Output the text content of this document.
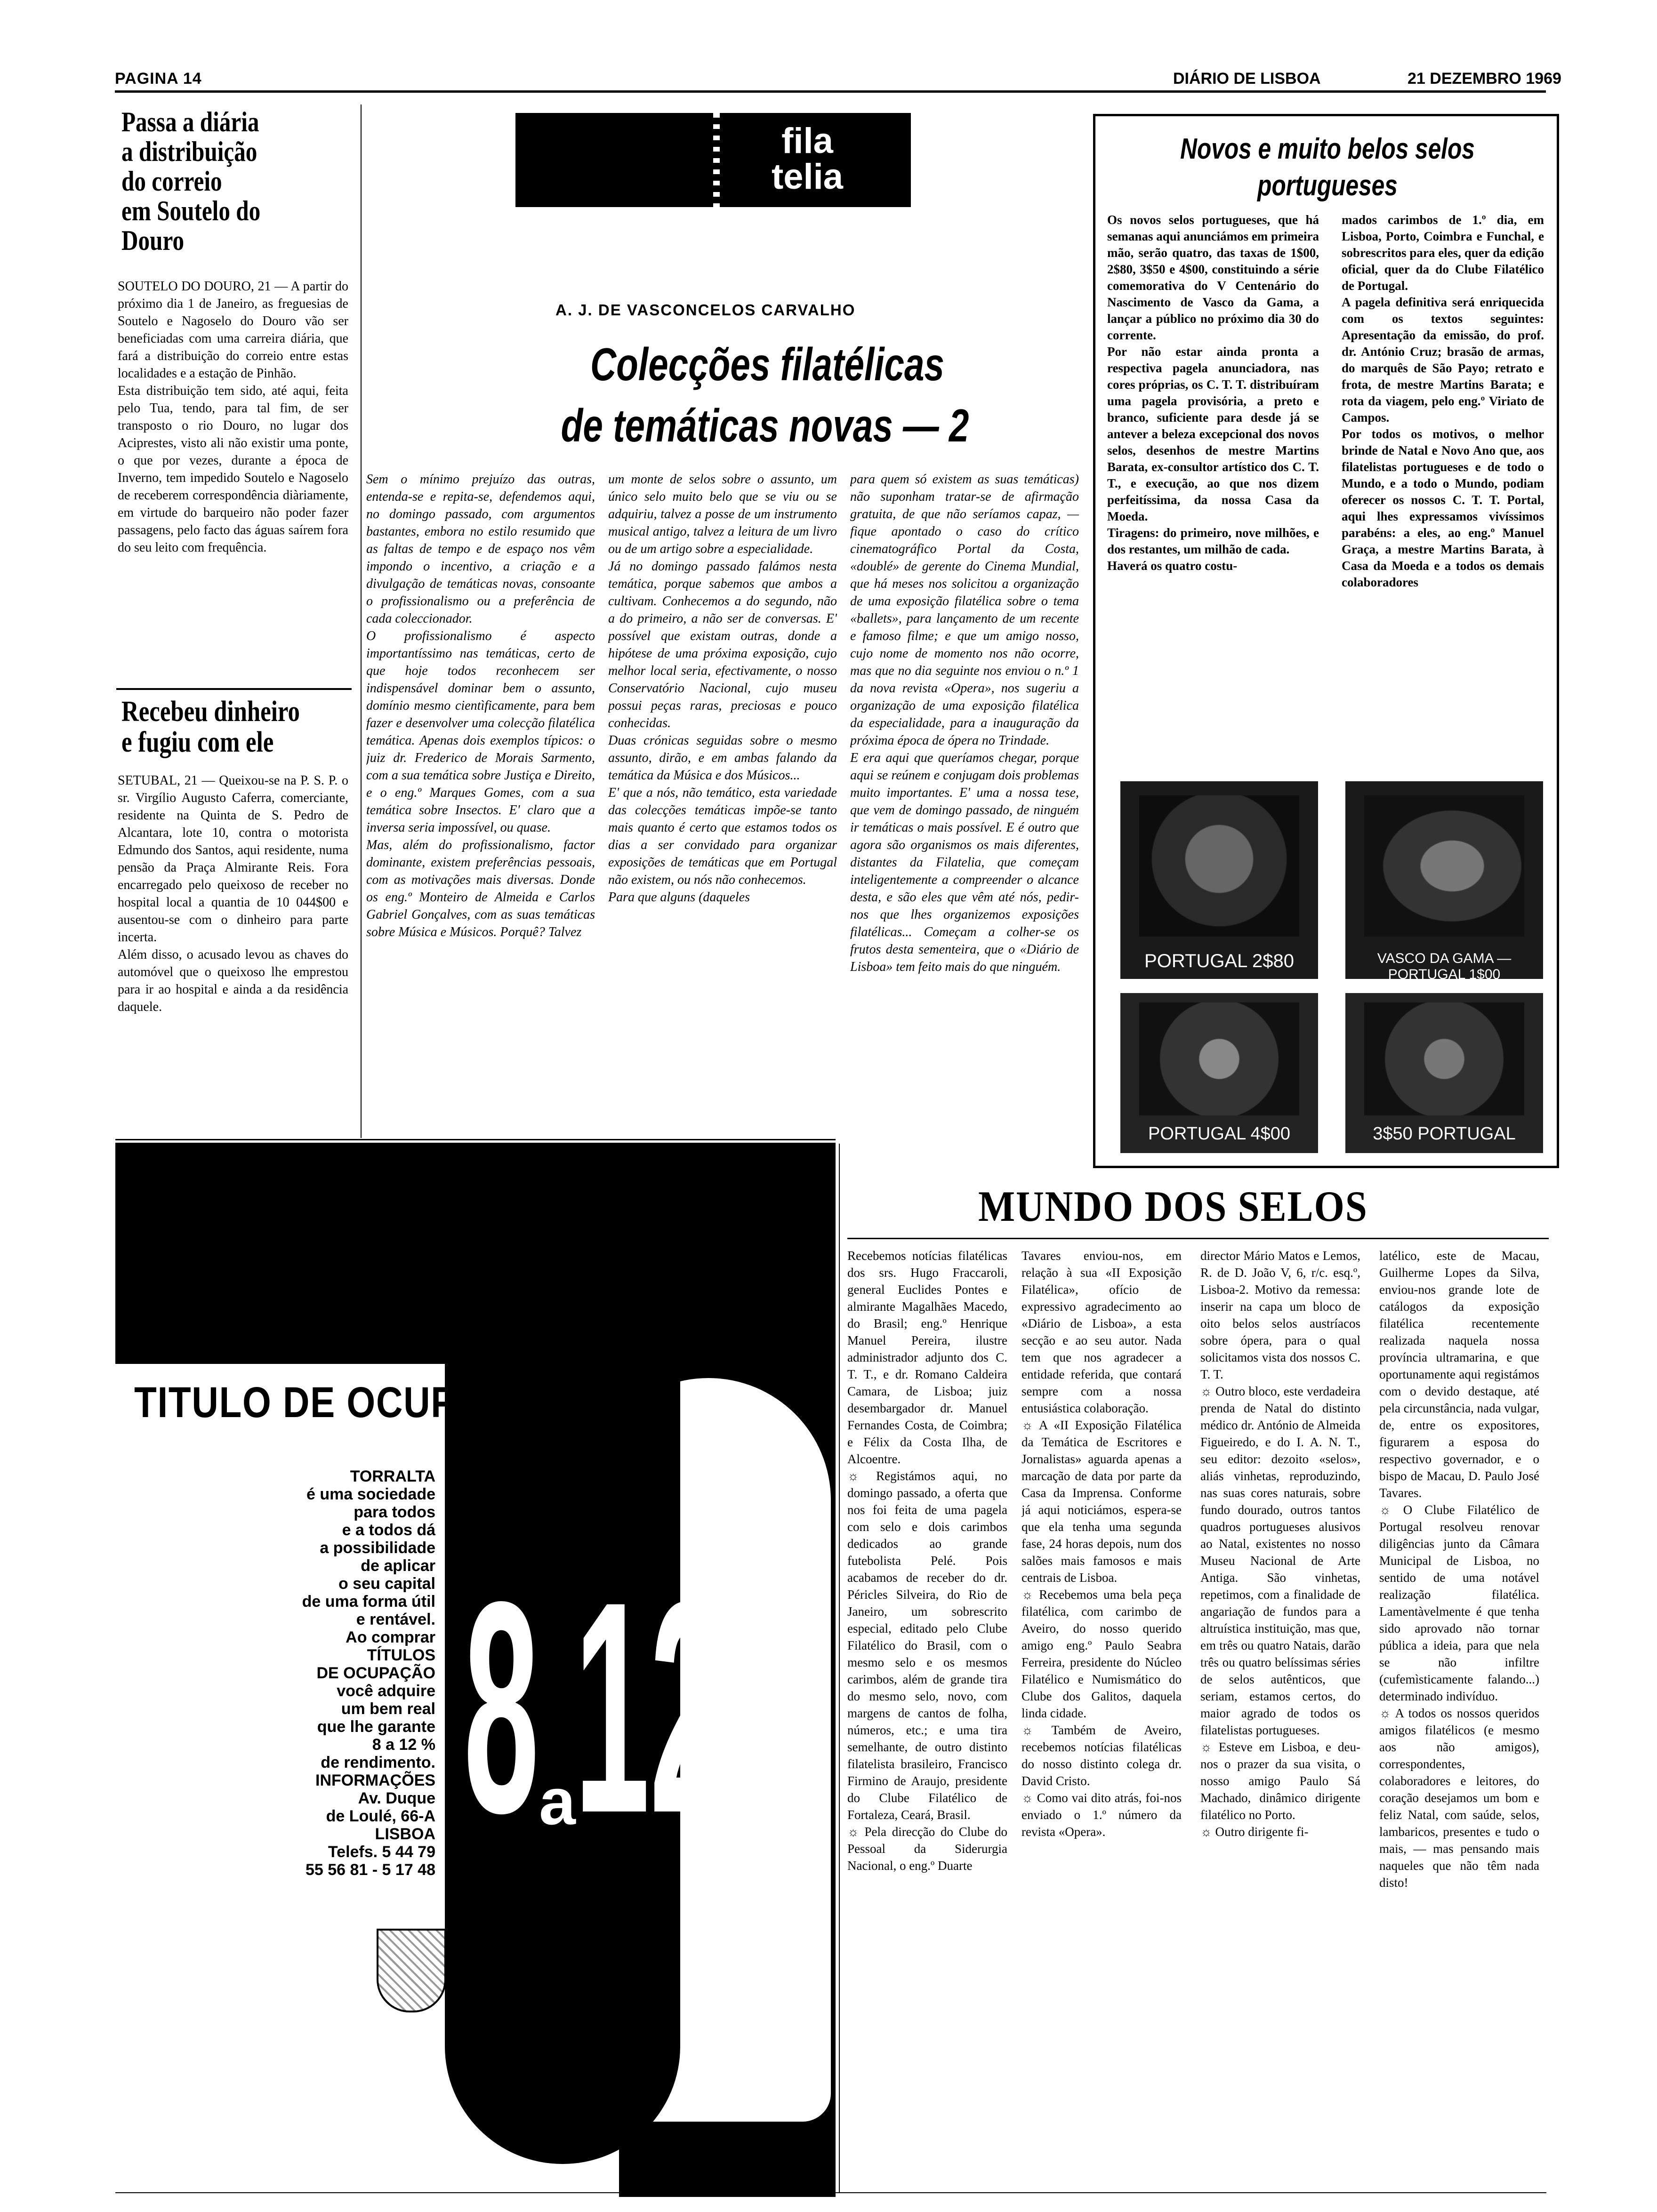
PAGINA 14	DIÁRIO DE LISBOA	21 DEZEMBRO 1969
Passa a diária
a distribuição
do correio
em Soutelo do Douro
SOUTELO DO DOURO, 21 — A partir do próximo dia 1 de Janeiro, as freguesias de Soutelo e Nagoselo do Douro vão ser beneficiadas com uma carreira diária, que fará a distribuição do correio entre estas localidades e a estação de Pinhão.
Esta distribuição tem sido, até aqui, feita pelo Tua, tendo, para tal fim, de ser transposto o rio Douro, no lugar dos Aciprestes, visto ali não existir uma ponte, o que por vezes, durante a época de Inverno, tem impedido Soutelo e Nagoselo de receberem correspondência diàriamente, em virtude do barqueiro não poder fazer passagens, pelo facto das águas saírem fora do seu leito com frequência.
Recebeu dinheiro
e fugiu com ele
SETUBAL, 21 — Queixou-se na P. S. P. o sr. Virgílio Augusto Caferra, comerciante, residente na Quinta de S. Pedro de Alcantara, lote 10, contra o motorista Edmundo dos Santos, aqui residente, numa pensão da Praça Almirante Reis. Fora encarregado pelo queixoso de receber no hospital local a quantia de 10 044$00 e ausentou-se com o dinheiro para parte incerta.
Além disso, o acusado levou as chaves do automóvel que o queixoso lhe emprestou para ir ao hospital e ainda a da residência daquele.
fila
telia
A. J. DE VASCONCELOS CARVALHO
Colecções filatélicas
de temáticas novas — 2
Sem o mínimo prejuízo das outras, entenda-se e repita-se, defendemos aqui, no domingo passado, com argumentos bastantes, embora no estilo resumido que as faltas de tempo e de espaço nos vêm impondo o incentivo, a criação e a divulgação de temáticas novas, consoante o profissionalismo ou a preferência de cada coleccionador.
O profissionalismo é aspecto importantíssimo nas temáticas, certo de que hoje todos reconhecem ser indispensável dominar bem o assunto, domínio mesmo cientìficamente, para bem fazer e desenvolver uma colecção filatélica temática. Apenas dois exemplos típicos: o juiz dr. Frederico de Morais Sarmento, com a sua temática sobre Justiça e Direito, e o eng.º Marques Gomes, com a sua temática sobre Insectos. E' claro que a inversa seria impossível, ou quase.
Mas, além do profissionalismo, factor dominante, existem preferências pessoais, com as motivações mais diversas. Donde os eng.º Monteiro de Almeida e Carlos Gabriel Gonçalves, com as suas temáticas sobre Música e Músicos. Porquê? Talvez
um monte de selos sobre o assunto, um único selo muito belo que se viu ou se adquiriu, talvez a posse de um instrumento musical antigo, talvez a leitura de um livro ou de um artigo sobre a especialidade.
Já no domingo passado falámos nesta temática, porque sabemos que ambos a cultivam. Conhecemos a do segundo, não a do primeiro, a não ser de conversas. E' possível que existam outras, donde a hipótese de uma próxima exposição, cujo melhor local seria, efectivamente, o nosso Conservatório Nacional, cujo museu possui peças raras, preciosas e pouco conhecidas.
Duas crónicas seguidas sobre o mesmo assunto, dirão, e em ambas falando da temática da Música e dos Músicos...
E' que a nós, não temático, esta variedade das colecções temáticas impõe-se tanto mais quanto é certo que estamos todos os dias a ser convidado para organizar exposições de temáticas que em Portugal não existem, ou nós não conhecemos.
Para que alguns (daqueles
para quem só existem as suas temáticas) não suponham tratar-se de afirmação gratuita, de que não seríamos capaz, — fique apontado o caso do crítico cinematográfico Portal da Costa, «doublé» de gerente do Cinema Mundial, que há meses nos solicitou a organização de uma exposição filatélica sobre o tema «ballets», para lançamento de um recente e famoso filme; e que um amigo nosso, cujo nome de momento nos não ocorre, mas que no dia seguinte nos enviou o n.º 1 da nova revista «Opera», nos sugeriu a organização de uma exposição filatélica da especialidade, para a inauguração da próxima época de ópera no Trindade.
E era aqui que queríamos chegar, porque aqui se reúnem e conjugam dois problemas muito importantes. E' uma a nossa tese, que vem de domingo passado, de ninguém ir temáticas o mais possível. E é outro que agora são organismos os mais diferentes, distantes da Filatelia, que começam inteligentemente a compreender o alcance desta, e são eles que vêm até nós, pedir-nos que lhes organizemos exposições filatélicas... Começam a colher-se os frutos desta sementeira, que o «Diário de Lisboa» tem feito mais do que ninguém.
Novos e muito belos selos
portugueses
Os novos selos portugueses, que há semanas aqui anunciámos em primeira mão, serão quatro, das taxas de 1$00, 2$80, 3$50 e 4$00, constituindo a série comemorativa do V Centenário do Nascimento de Vasco da Gama, a lançar a público no próximo dia 30 do corrente.
Por não estar ainda pronta a respectiva pagela anunciadora, nas cores próprias, os C. T. T. distribuíram uma pagela provisória, a preto e branco, suficiente para desde já se antever a beleza excepcional dos novos selos, desenhos de mestre Martins Barata, ex-consultor artístico dos C. T. T., e execução, ao que nos dizem perfeitíssima, da nossa Casa da Moeda.
Tiragens: do primeiro, nove milhões, e dos restantes, um milhão de cada.
Haverá os quatro costu-
mados carimbos de 1.º dia, em Lisboa, Porto, Coimbra e Funchal, e sobrescritos para eles, quer da edição oficial, quer da do Clube Filatélico de Portugal.
A pagela definitiva será enriquecida com os textos seguintes: Apresentação da emissão, do prof. dr. António Cruz; brasão de armas, do marquês de São Payo; retrato e frota, de mestre Martins Barata; e rota da viagem, pelo eng.º Viriato de Campos.
Por todos os motivos, o melhor brinde de Natal e Novo Ano que, aos filatelistas portugueses e de todo o Mundo, e a todo o Mundo, podiam oferecer os nossos C. T. T. Portal, aqui lhes expressamos vivíssimos parabéns: a eles, ao eng.º Manuel Graça, a mestre Martins Barata, à Casa da Moeda e a todos os demais colaboradores
PORTUGAL 2$80	VASCO DA GAMA — PORTUGAL 1$00
PORTUGAL 4$00	3$50 PORTUGAL
TITULO DE OCUPAÇÃO
TORRALTA
é uma sociedade
para todos
e a todos dá
a possibilidade
de aplicar
o seu capital
de uma forma útil
e rentável.
Ao comprar
TÍTULOS
DE OCUPAÇÃO
você adquire
um bem real
que lhe garante
8 a 12 %
de rendimento.
INFORMAÇÕES
Av. Duque
de Loulé, 66-A
LISBOA
Telefs. 5 44 79
55 56 81 - 5 17 48 8 a
12 %
MUNDO DOS SELOS
Recebemos notícias filatélicas dos srs. Hugo Fraccaroli, general Euclides Pontes e almirante Magalhães Macedo, do Brasil; eng.º Henrique Manuel Pereira, ilustre administrador adjunto dos C. T. T., e dr. Romano Caldeira Camara, de Lisboa; juiz desembargador dr. Manuel Fernandes Costa, de Coimbra; e Félix da Costa Ilha, de Alcoentre.
☼ Registámos aqui, no domingo passado, a oferta que nos foi feita de uma pagela com selo e dois carimbos dedicados ao grande futebolista Pelé. Pois acabamos de receber do dr. Péricles Silveira, do Rio de Janeiro, um sobrescrito especial, editado pelo Clube Filatélico do Brasil, com o mesmo selo e os mesmos carimbos, além de grande tira do mesmo selo, novo, com margens de cantos de folha, números, etc.; e uma tira semelhante, de outro distinto filatelista brasileiro, Francisco Firmino de Araujo, presidente do Clube Filatélico de Fortaleza, Ceará, Brasil.
☼ Pela direcção do Clube do Pessoal da Siderurgia Nacional, o eng.º Duarte
Tavares enviou-nos, em relação à sua «II Exposição Filatélica», ofício de expressivo agradecimento ao «Diário de Lisboa», a esta secção e ao seu autor. Nada tem que nos agradecer a entidade referida, que contará sempre com a nossa entusiástica colaboração.
☼ A «II Exposição Filatélica da Temática de Escritores e Jornalistas» aguarda apenas a marcação de data por parte da Casa da Imprensa. Conforme já aqui noticiámos, espera-se que ela tenha uma segunda fase, 24 horas depois, num dos salões mais famosos e mais centrais de Lisboa.
☼ Recebemos uma bela peça filatélica, com carimbo de Aveiro, do nosso querido amigo eng.º Paulo Seabra Ferreira, presidente do Núcleo Filatélico e Numismático do Clube dos Galitos, daquela linda cidade.
☼ Também de Aveiro, recebemos notícias filatélicas do nosso distinto colega dr. David Cristo.
☼ Como vai dito atrás, foi-nos enviado o 1.º número da revista «Opera».
director Mário Matos e Lemos, R. de D. João V, 6, r/c. esq.º, Lisboa-2. Motivo da remessa: inserir na capa um bloco de oito belos selos austríacos sobre ópera, para o qual solicitamos vista dos nossos C. T. T.
☼ Outro bloco, este verdadeira prenda de Natal do distinto médico dr. António de Almeida Figueiredo, e do I. A. N. T., seu editor: dezoito «selos», aliás vinhetas, reproduzindo, nas suas cores naturais, sobre fundo dourado, outros tantos quadros portugueses alusivos ao Natal, existentes no nosso Museu Nacional de Arte Antiga. São vinhetas, repetimos, com a finalidade de angariação de fundos para a altruística instituição, mas que, em três ou quatro Natais, darão três ou quatro belíssimas séries de selos autênticos, que seriam, estamos certos, do maior agrado de todos os filatelistas portugueses.
☼ Esteve em Lisboa, e deu-nos o prazer da sua visita, o nosso amigo Paulo Sá Machado, dinâmico dirigente filatélico no Porto.
☼ Outro dirigente fi-
latélico, este de Macau, Guilherme Lopes da Silva, enviou-nos grande lote de catálogos da exposição filatélica recentemente realizada naquela nossa província ultramarina, e que oportunamente aqui registámos com o devido destaque, até pela circunstância, nada vulgar, de, entre os expositores, figurarem a esposa do respectivo governador, e o bispo de Macau, D. Paulo José Tavares.
☼ O Clube Filatélico de Portugal resolveu renovar diligências junto da Câmara Municipal de Lisboa, no sentido de uma notável realização filatélica. Lamentàvelmente é que tenha sido aprovado não tornar pública a ideia, para que nela se não infiltre (cufemìsticamente falando...) determinado indivíduo.
☼ A todos os nossos queridos amigos filatélicos (e mesmo aos não amigos), correspondentes, colaboradores e leitores, do coração desejamos um bom e feliz Natal, com saúde, selos, lambaricos, presentes e tudo o mais, — mas pensando mais naqueles que não têm nada disto!
